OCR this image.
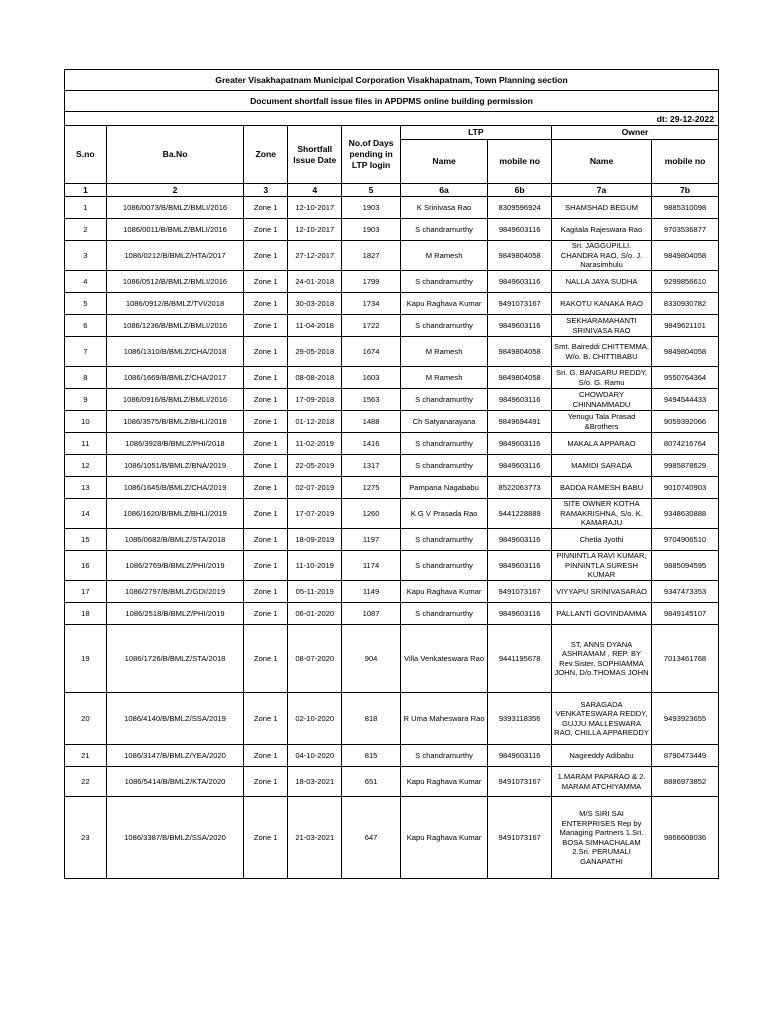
Greater Visakhapatnam Municipal Corporation Visakhapatnam, Town Planning section								
Document shortfall issue files in APDPMS online building permission								
dt: 29-12-2022								
S.no	Ba.No	Zone	Shortfall Issue Date	No.of Days pending in LTP login	LTP		Owner	
					Name	mobile no	Name	mobile no
1	2	3	4	5	6a	6b	7a	7b
1	1086/0073/B/BMLZ/BMLI/2016	Zone 1	12-10-2017	1903	K Srinivasa Rao	8309596924	SHAMSHAD BEGUM	9885310098
2	1086/0011/B/BMLZ/BMLI/2016	Zone 1	12-10-2017	1903	S chandramurthy	9849603116	Kagitala Rajeswara Rao	9703536877
3	1086/0212/B/BMLZ/HTA/2017	Zone 1	27-12-2017	1827	M Ramesh	9849804058	Sri. JAGGUPILLI. CHANDRA RAO, S/o. J. Narasimhulu	9849804058
4	1086/0512/B/BMLZ/BMLI/2016	Zone 1	24-01-2018	1799	S chandramurthy	9849603116	NALLA JAYA SUDHA	9299856610
5	1086/0912/B/BMLZ/TVI/2018	Zone 1	30-03-2018	1734	Kapu Raghava Kumar	9491073167	RAKOTU KANAKA RAO	8330930782
6	1086/1236/B/BMLZ/BMLI/2016	Zone 1	11-04-2018	1722	S chandramurthy	9849603116	SEKHARAMAHANTI SRINIVASA RAO	9849621101
7	1086/1310/B/BMLZ/CHA/2018	Zone 1	29-05-2018	1674	M Ramesh	9849804058	Smt. Baireddi CHITTEMMA, W/o. B. CHITTIBABU	9849804058
8	1086/1669/B/BMLZ/CHA/2017	Zone 1	08-08-2018	1603	M Ramesh	9849804058	Sri. G. BANGARU REDDY, S/o. G. Ramu	9550764364
9	1086/0916/B/BMLZ/BMLI/2016	Zone 1	17-09-2018	1563	S chandramurthy	9849603116	CHOWDARY CHINNAMMADU	9494544433
10	1086/3575/B/BMLZ/BHLI/2018	Zone 1	01-12-2018	1488	Ch Satyanarayana	9849694491	Yenugu Tala Prasad &Brothers	9059392066
11	1086/3928/B/BMLZ/PHI/2018	Zone 1	11-02-2019	1416	S chandramurthy	9849603116	MAKALA APPARAO	8074216764
12	1086/1051/B/BMLZ/BNA/2019	Zone 1	22-05-2019	1317	S chandramurthy	9849603116	MAMIDI SARADA	9985878629
13	1086/1645/B/BMLZ/CHA/2019	Zone 1	02-07-2019	1275	Pampana Nagababu	8522063773	BADDA RAMESH BABU	9010740903
14	1086/1620/B/BMLZ/BHLI/2019	Zone 1	17-07-2019	1260	K G V Prasada Rao	9441228889	SITE OWNER KOTHA RAMAKRISHNA, S/o. K. KAMARAJU	9348630888
15	1086/0682/B/BMLZ/STA/2018	Zone 1	18-09-2019	1197	S chandramurthy	9849603116	Chetla Jyothi	9704906510
16	1086/2769/B/BMLZ/PHI/2019	Zone 1	11-10-2019	1174	S chandramurthy	9849603116	PINNINTLA RAVI KUMAR, PINNINTLA SURESH KUMAR	9885094595
17	1086/2797/B/BMLZ/GDI/2019	Zone 1	05-11-2019	1149	Kapu Raghava Kumar	9491073167	VIYYAPU SRINIVASARAO	9347473353
18	1086/2518/B/BMLZ/PHI/2019	Zone 1	06-01-2020	1087	S chandramurthy	9849603116	PALLANTI GOVINDAMMA	9849145107
19	1086/1726/B/BMLZ/STA/2018	Zone 1	08-07-2020	904	Villa Venkateswara Rao	9441195678	ST, ANNS DYANA ASHRAMAM , REP. BY Rev.Sister. SOPHIAMMA JOHN, D/o.THOMAS JOHN	7013461768
20	1086/4140/B/BMLZ/SSA/2019	Zone 1	02-10-2020	818	R Uma Maheswara Rao	9393118356	SARAGADA VENKATESWARA REDDY, GUJJU MALLESWARA RAO, CHILLA APPAREDDY	9493923655
21	1086/3147/B/BMLZ/YEA/2020	Zone 1	04-10-2020	815	S chandramurthy	9849603116	Nagireddy Adibabu	8790473449
22	1086/5414/B/BMLZ/KTA/2020	Zone 1	18-03-2021	651	Kapu Raghava Kumar	9491073167	1.MARAM PAPARAO & 2. MARAM ATCHIYAMMA	8886973852
23	1086/3387/B/BMLZ/SSA/2020	Zone 1	21-03-2021	647	Kapu Raghava Kumar	9491073167	M/S SIRI SAI ENTERPRISES Rep by Managing Partners 1.Sri. BOSA SIMHACHALAM 2.Sri. PERUMALI GANAPATHI	9866608036
